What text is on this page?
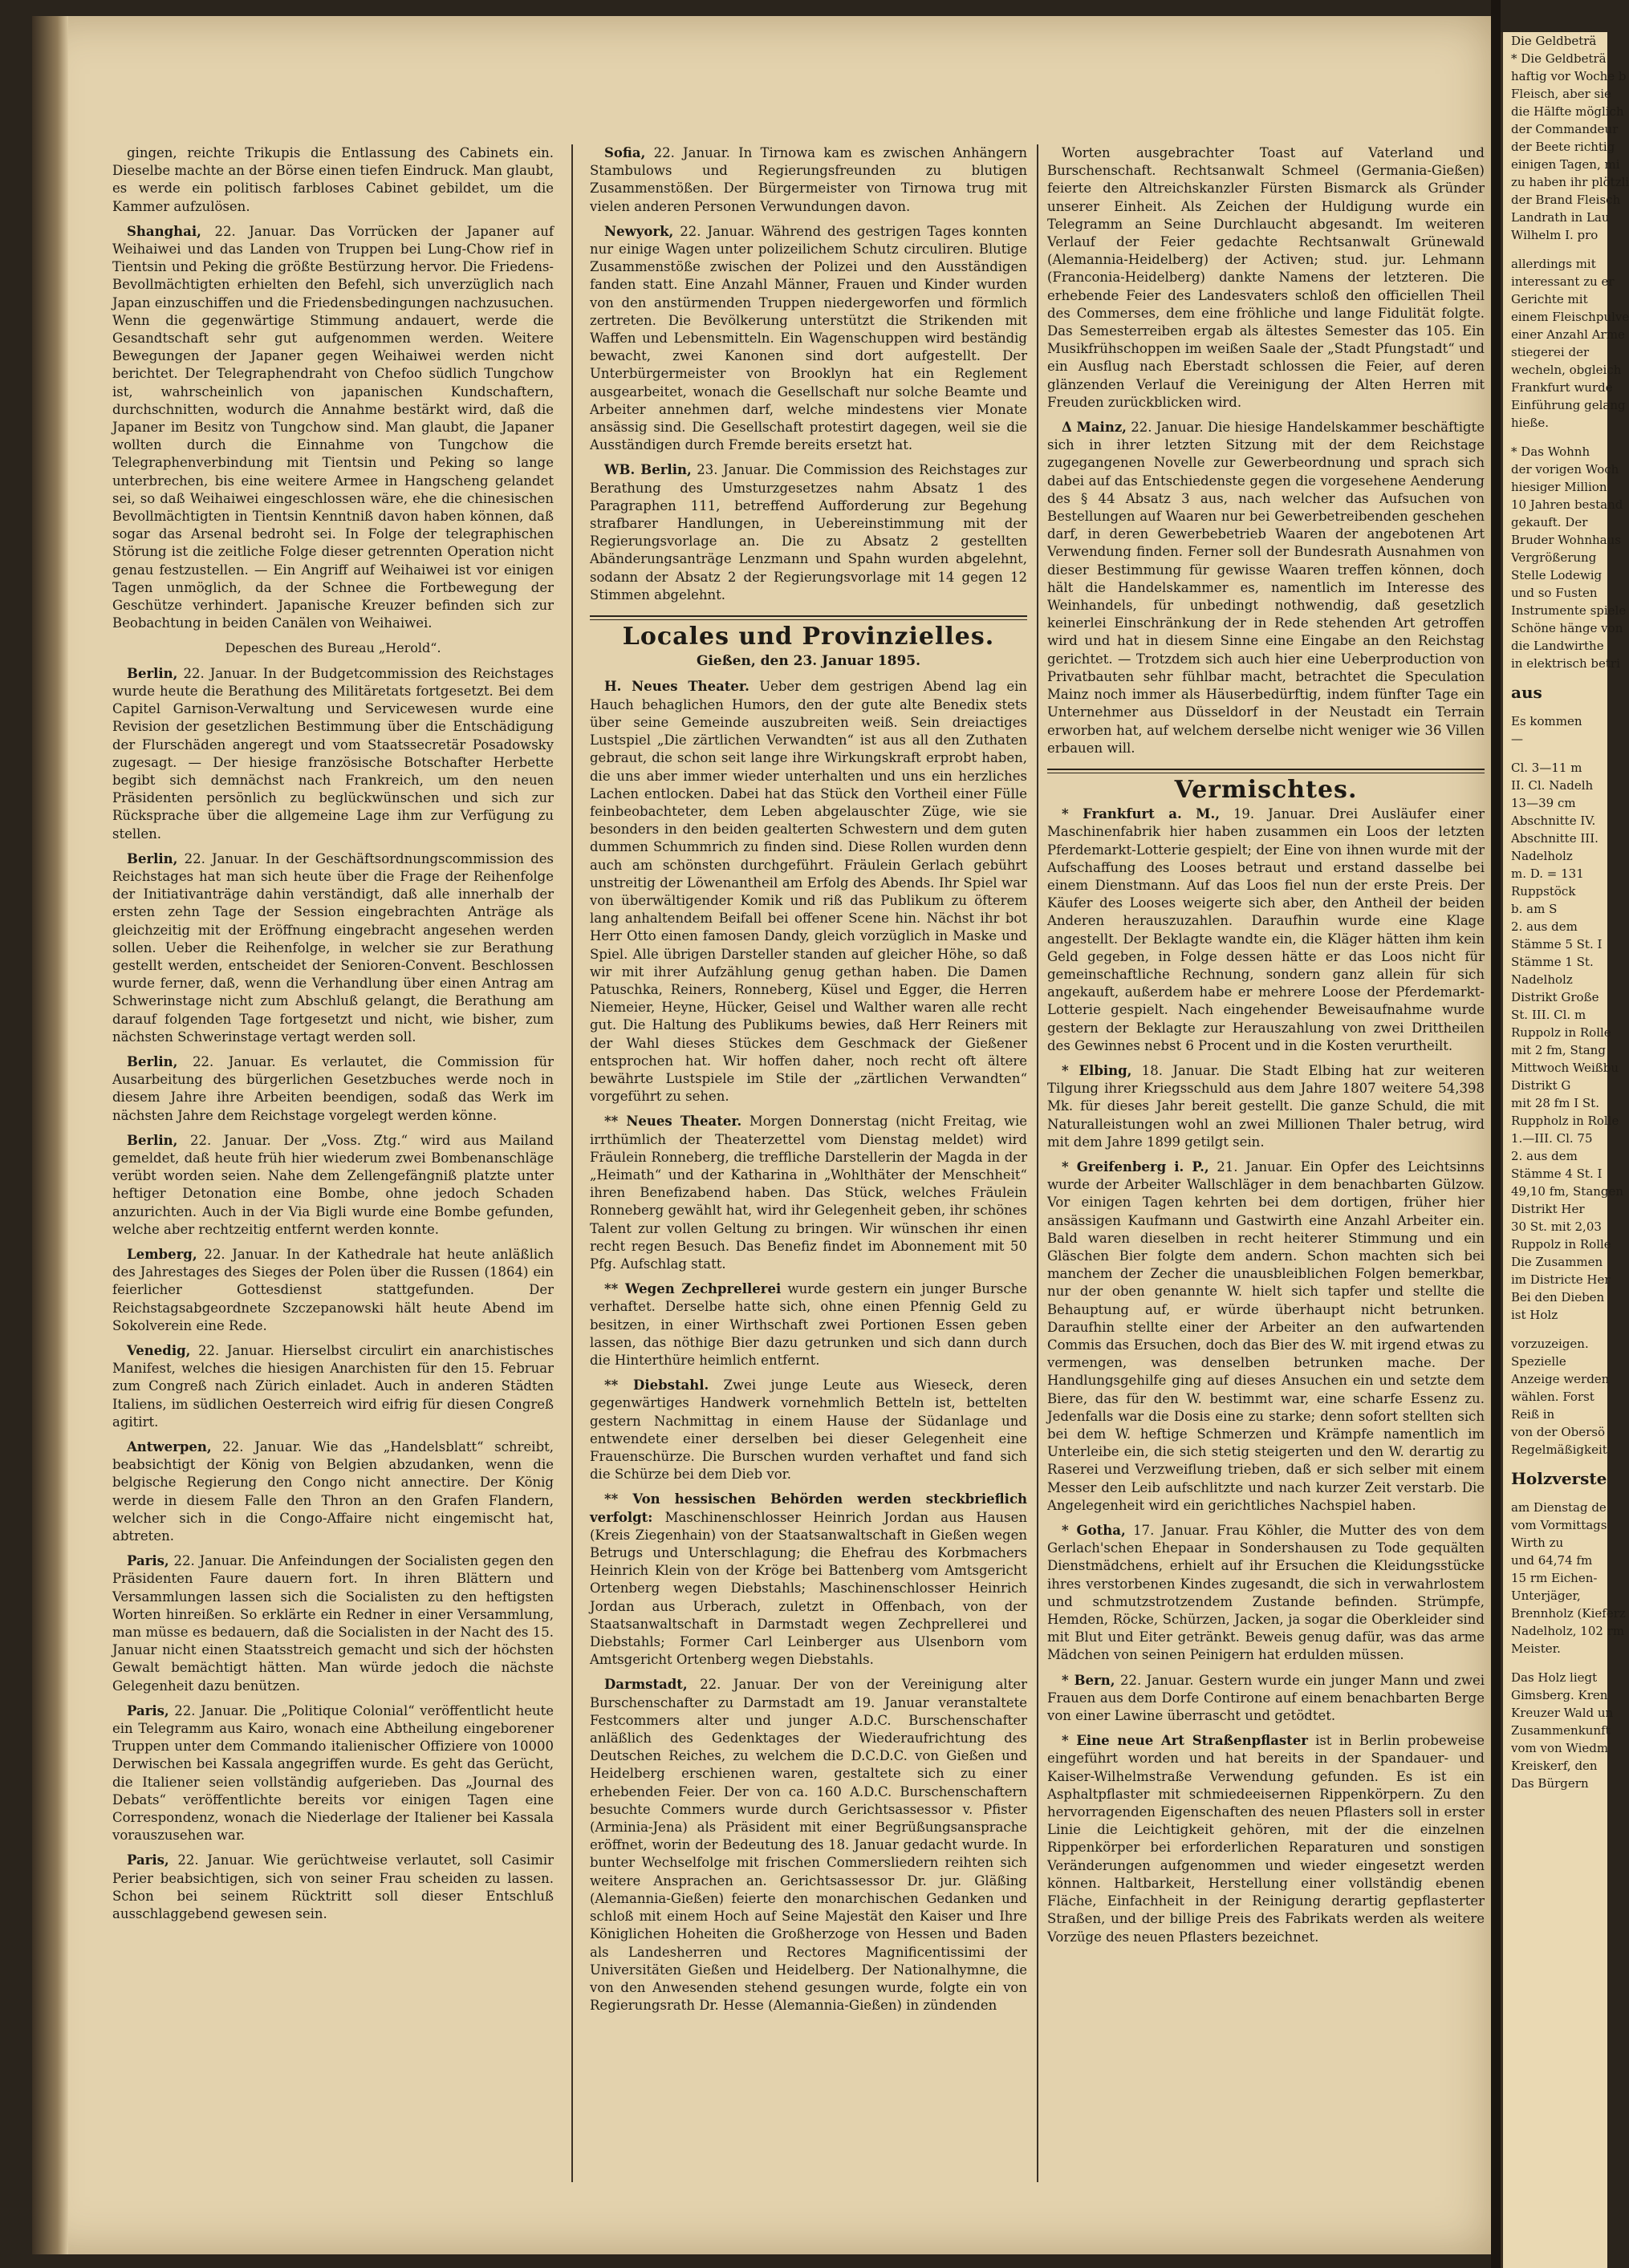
gingen, reichte Trikupis die Entlassung des Cabinets ein. Dieselbe machte an der Börse einen tiefen Eindruck. Man glaubt, es werde ein politisch farbloses Cabinet gebildet, um die Kammer aufzulösen.

Shanghai, 22. Januar. Das Vorrücken der Japaner auf Weihaiwei und das Landen von Truppen bei Lung-Chow rief in Tientsin und Peking die größte Bestürzung hervor. Die Friedens-Bevollmächtigten erhielten den Befehl, sich unverzüglich nach Japan einzuschiffen und die Friedensbedingungen nachzusuchen. Wenn die gegenwärtige Stimmung andauert, werde die Gesandtschaft sehr gut aufgenommen werden. Weitere Bewegungen der Japaner gegen Weihaiwei werden nicht berichtet. Der Telegraphendraht von Chefoo südlich Tungchow ist, wahrscheinlich von japanischen Kundschaftern, durchschnitten, wodurch die Annahme bestärkt wird, daß die Japaner im Besitz von Tungchow sind. Man glaubt, die Japaner wollten durch die Einnahme von Tungchow die Telegraphenverbindung mit Tientsin und Peking so lange unterbrechen, bis eine weitere Armee in Hangscheng gelandet sei, so daß Weihaiwei eingeschlossen wäre, ehe die chinesischen Bevollmächtigten in Tientsin Kenntniß davon haben können, daß sogar das Arsenal bedroht sei. In Folge der telegraphischen Störung ist die zeitliche Folge dieser getrennten Operation nicht genau festzustellen. — Ein Angriff auf Weihaiwei ist vor einigen Tagen unmöglich, da der Schnee die Fortbewegung der Geschütze verhindert. Japanische Kreuzer befinden sich zur Beobachtung in beiden Canälen von Weihaiwei.

Depeschen des Bureau „Herold“.

Berlin, 22. Januar. In der Budgetcommission des Reichstages wurde heute die Berathung des Militäretats fortgesetzt. Bei dem Capitel Garnison-Verwaltung und Servicewesen wurde eine Revision der gesetzlichen Bestimmung über die Entschädigung der Flurschäden angeregt und vom Staatssecretär Posadowsky zugesagt. — Der hiesige französische Botschafter Herbette begibt sich demnächst nach Frankreich, um den neuen Präsidenten persönlich zu beglückwünschen und sich zur Rücksprache über die allgemeine Lage ihm zur Verfügung zu stellen.

Berlin, 22. Januar. In der Geschäftsordnungscommission des Reichstages hat man sich heute über die Frage der Reihenfolge der Initiativanträge dahin verständigt, daß alle innerhalb der ersten zehn Tage der Session eingebrachten Anträge als gleichzeitig mit der Eröffnung eingebracht angesehen werden sollen. Ueber die Reihenfolge, in welcher sie zur Berathung gestellt werden, entscheidet der Senioren-Convent. Beschlossen wurde ferner, daß, wenn die Verhandlung über einen Antrag am Schwerinstage nicht zum Abschluß gelangt, die Berathung am darauf folgenden Tage fortgesetzt und nicht, wie bisher, zum nächsten Schwerinstage vertagt werden soll.

Berlin, 22. Januar. Es verlautet, die Commission für Ausarbeitung des bürgerlichen Gesetzbuches werde noch in diesem Jahre ihre Arbeiten beendigen, sodaß das Werk im nächsten Jahre dem Reichstage vorgelegt werden könne.

Berlin, 22. Januar. Der „Voss. Ztg.“ wird aus Mailand gemeldet, daß heute früh hier wiederum zwei Bombenanschläge verübt worden seien. Nahe dem Zellengefängniß platzte unter heftiger Detonation eine Bombe, ohne jedoch Schaden anzurichten. Auch in der Via Bigli wurde eine Bombe gefunden, welche aber rechtzeitig entfernt werden konnte.

Lemberg, 22. Januar. In der Kathedrale hat heute anläßlich des Jahrestages des Sieges der Polen über die Russen (1864) ein feierlicher Gottesdienst stattgefunden. Der Reichstagsabgeordnete Szczepanowski hält heute Abend im Sokolverein eine Rede.

Venedig, 22. Januar. Hierselbst circulirt ein anarchistisches Manifest, welches die hiesigen Anarchisten für den 15. Februar zum Congreß nach Zürich einladet. Auch in anderen Städten Italiens, im südlichen Oesterreich wird eifrig für diesen Congreß agitirt.

Antwerpen, 22. Januar. Wie das „Handelsblatt“ schreibt, beabsichtigt der König von Belgien abzudanken, wenn die belgische Regierung den Congo nicht annectire. Der König werde in diesem Falle den Thron an den Grafen Flandern, welcher sich in die Congo-Affaire nicht eingemischt hat, abtreten.

Paris, 22. Januar. Die Anfeindungen der Socialisten gegen den Präsidenten Faure dauern fort. In ihren Blättern und Versammlungen lassen sich die Socialisten zu den heftigsten Worten hinreißen. So erklärte ein Redner in einer Versammlung, man müsse es bedauern, daß die Socialisten in der Nacht des 15. Januar nicht einen Staatsstreich gemacht und sich der höchsten Gewalt bemächtigt hätten. Man würde jedoch die nächste Gelegenheit dazu benützen.

Paris, 22. Januar. Die „Politique Colonial“ veröffentlicht heute ein Telegramm aus Kairo, wonach eine Abtheilung eingeborener Truppen unter dem Commando italienischer Offiziere von 10000 Derwischen bei Kassala angegriffen wurde. Es geht das Gerücht, die Italiener seien vollständig aufgerieben. Das „Journal des Debats“ veröffentlichte bereits vor einigen Tagen eine Correspondenz, wonach die Niederlage der Italiener bei Kassala vorauszusehen war.

Paris, 22. Januar. Wie gerüchtweise verlautet, soll Casimir Perier beabsichtigen, sich von seiner Frau scheiden zu lassen. Schon bei seinem Rücktritt soll dieser Entschluß ausschlaggebend gewesen sein.

Sofia, 22. Januar. In Tirnowa kam es zwischen Anhängern Stambulows und Regierungsfreunden zu blutigen Zusammenstößen. Der Bürgermeister von Tirnowa trug mit vielen anderen Personen Verwundungen davon.

Newyork, 22. Januar. Während des gestrigen Tages konnten nur einige Wagen unter polizeilichem Schutz circuliren. Blutige Zusammenstöße zwischen der Polizei und den Ausständigen fanden statt. Eine Anzahl Männer, Frauen und Kinder wurden von den anstürmenden Truppen niedergeworfen und förmlich zertreten. Die Bevölkerung unterstützt die Strikenden mit Waffen und Lebensmitteln. Ein Wagenschuppen wird beständig bewacht, zwei Kanonen sind dort aufgestellt. Der Unterbürgermeister von Brooklyn hat ein Reglement ausgearbeitet, wonach die Gesellschaft nur solche Beamte und Arbeiter annehmen darf, welche mindestens vier Monate ansässig sind. Die Gesellschaft protestirt dagegen, weil sie die Ausständigen durch Fremde bereits ersetzt hat.

WB. Berlin, 23. Januar. Die Commission des Reichstages zur Berathung des Umsturzgesetzes nahm Absatz 1 des Paragraphen 111, betreffend Aufforderung zur Begehung strafbarer Handlungen, in Uebereinstimmung mit der Regierungsvorlage an. Die zu Absatz 2 gestellten Abänderungsanträge Lenzmann und Spahn wurden abgelehnt, sodann der Absatz 2 der Regierungsvorlage mit 14 gegen 12 Stimmen abgelehnt.

Locales und Provinzielles.
Gießen, den 23. Januar 1895.

H. Neues Theater. Ueber dem gestrigen Abend lag ein Hauch behaglichen Humors, den der gute alte Benedix stets über seine Gemeinde auszubreiten weiß. Sein dreiactiges Lustspiel „Die zärtlichen Verwandten“ ist aus all den Zuthaten gebraut, die schon seit lange ihre Wirkungskraft erprobt haben, die uns aber immer wieder unterhalten und uns ein herzliches Lachen entlocken. Dabei hat das Stück den Vortheil einer Fülle feinbeobachteter, dem Leben abgelauschter Züge, wie sie besonders in den beiden gealterten Schwestern und dem guten dummen Schummrich zu finden sind. Diese Rollen wurden denn auch am schönsten durchgeführt. Fräulein Gerlach gebührt unstreitig der Löwenantheil am Erfolg des Abends. Ihr Spiel war von überwältigender Komik und riß das Publikum zu öfterem lang anhaltendem Beifall bei offener Scene hin. Nächst ihr bot Herr Otto einen famosen Dandy, gleich vorzüglich in Maske und Spiel. Alle übrigen Darsteller standen auf gleicher Höhe, so daß wir mit ihrer Aufzählung genug gethan haben. Die Damen Patuschka, Reiners, Ronneberg, Küsel und Egger, die Herren Niemeier, Heyne, Hücker, Geisel und Walther waren alle recht gut. Die Haltung des Publikums bewies, daß Herr Reiners mit der Wahl dieses Stückes dem Geschmack der Gießener entsprochen hat. Wir hoffen daher, noch recht oft ältere bewährte Lustspiele im Stile der „zärtlichen Verwandten“ vorgeführt zu sehen.

** Neues Theater. Morgen Donnerstag (nicht Freitag, wie irrthümlich der Theaterzettel vom Dienstag meldet) wird Fräulein Ronneberg, die treffliche Darstellerin der Magda in der „Heimath“ und der Katharina in „Wohlthäter der Menschheit“ ihren Benefizabend haben. Das Stück, welches Fräulein Ronneberg gewählt hat, wird ihr Gelegenheit geben, ihr schönes Talent zur vollen Geltung zu bringen. Wir wünschen ihr einen recht regen Besuch. Das Benefiz findet im Abonnement mit 50 Pfg. Aufschlag statt.

** Wegen Zechprellerei wurde gestern ein junger Bursche verhaftet. Derselbe hatte sich, ohne einen Pfennig Geld zu besitzen, in einer Wirthschaft zwei Portionen Essen geben lassen, das nöthige Bier dazu getrunken und sich dann durch die Hinterthüre heimlich entfernt.

** Diebstahl. Zwei junge Leute aus Wieseck, deren gegenwärtiges Handwerk vornehmlich Betteln ist, bettelten gestern Nachmittag in einem Hause der Südanlage und entwendete einer derselben bei dieser Gelegenheit eine Frauenschürze. Die Burschen wurden verhaftet und fand sich die Schürze bei dem Dieb vor.

** Von hessischen Behörden werden steckbrieflich verfolgt: Maschinenschlosser Heinrich Jordan aus Hausen (Kreis Ziegenhain) von der Staatsanwaltschaft in Gießen wegen Betrugs und Unterschlagung; die Ehefrau des Korbmachers Heinrich Klein von der Kröge bei Battenberg vom Amtsgericht Ortenberg wegen Diebstahls; Maschinenschlosser Heinrich Jordan aus Urberach, zuletzt in Offenbach, von der Staatsanwaltschaft in Darmstadt wegen Zechprellerei und Diebstahls; Former Carl Leinberger aus Ulsenborn vom Amtsgericht Ortenberg wegen Diebstahls.

Darmstadt, 22. Januar. Der von der Vereinigung alter Burschenschafter zu Darmstadt am 19. Januar veranstaltete Festcommers alter und junger A.D.C. Burschenschafter anläßlich des Gedenktages der Wiederaufrichtung des Deutschen Reiches, zu welchem die D.C.D.C. von Gießen und Heidelberg erschienen waren, gestaltete sich zu einer erhebenden Feier. Der von ca. 160 A.D.C. Burschenschaftern besuchte Commers wurde durch Gerichtsassessor v. Pfister (Arminia-Jena) als Präsident mit einer Begrüßungsansprache eröffnet, worin der Bedeutung des 18. Januar gedacht wurde. In bunter Wechselfolge mit frischen Commersliedern reihten sich weitere Ansprachen an. Gerichtsassessor Dr. jur. Gläßing (Alemannia-Gießen) feierte den monarchischen Gedanken und schloß mit einem Hoch auf Seine Majestät den Kaiser und Ihre Königlichen Hoheiten die Großherzoge von Hessen und Baden als Landesherren und Rectores Magnificentissimi der Universitäten Gießen und Heidelberg. Der Nationalhymne, die von den Anwesenden stehend gesungen wurde, folgte ein von Regierungsrath Dr. Hesse (Alemannia-Gießen) in zündenden

Worten ausgebrachter Toast auf Vaterland und Burschenschaft. Rechtsanwalt Schmeel (Germania-Gießen) feierte den Altreichskanzler Fürsten Bismarck als Gründer unserer Einheit. Als Zeichen der Huldigung wurde ein Telegramm an Seine Durchlaucht abgesandt. Im weiteren Verlauf der Feier gedachte Rechtsanwalt Grünewald (Alemannia-Heidelberg) der Activen; stud. jur. Lehmann (Franconia-Heidelberg) dankte Namens der letzteren. Die erhebende Feier des Landesvaters schloß den officiellen Theil des Commerses, dem eine fröhliche und lange Fidulität folgte. Das Semesterreiben ergab als ältestes Semester das 105. Ein Musikfrühschoppen im weißen Saale der „Stadt Pfungstadt“ und ein Ausflug nach Eberstadt schlossen die Feier, auf deren glänzenden Verlauf die Vereinigung der Alten Herren mit Freuden zurückblicken wird.

Δ Mainz, 22. Januar. Die hiesige Handelskammer beschäftigte sich in ihrer letzten Sitzung mit der dem Reichstage zugegangenen Novelle zur Gewerbeordnung und sprach sich dabei auf das Entschiedenste gegen die vorgesehene Aenderung des § 44 Absatz 3 aus, nach welcher das Aufsuchen von Bestellungen auf Waaren nur bei Gewerbetreibenden geschehen darf, in deren Gewerbebetrieb Waaren der angebotenen Art Verwendung finden. Ferner soll der Bundesrath Ausnahmen von dieser Bestimmung für gewisse Waaren treffen können, doch hält die Handelskammer es, namentlich im Interesse des Weinhandels, für unbedingt nothwendig, daß gesetzlich keinerlei Einschränkung der in Rede stehenden Art getroffen wird und hat in diesem Sinne eine Eingabe an den Reichstag gerichtet. — Trotzdem sich auch hier eine Ueberproduction von Privatbauten sehr fühlbar macht, betrachtet die Speculation Mainz noch immer als Häuserbedürftig, indem fünfter Tage ein Unternehmer aus Düsseldorf in der Neustadt ein Terrain erworben hat, auf welchem derselbe nicht weniger wie 36 Villen erbauen will.

Vermischtes.

* Frankfurt a. M., 19. Januar. Drei Ausläufer einer Maschinenfabrik hier haben zusammen ein Loos der letzten Pferdemarkt-Lotterie gespielt; der Eine von ihnen wurde mit der Aufschaffung des Looses betraut und erstand dasselbe bei einem Dienstmann. Auf das Loos fiel nun der erste Preis. Der Käufer des Looses weigerte sich aber, den Antheil der beiden Anderen herauszuzahlen. Daraufhin wurde eine Klage angestellt. Der Beklagte wandte ein, die Kläger hätten ihm kein Geld gegeben, in Folge dessen hätte er das Loos nicht für gemeinschaftliche Rechnung, sondern ganz allein für sich angekauft, außerdem habe er mehrere Loose der Pferdemarkt-Lotterie gespielt. Nach eingehender Beweisaufnahme wurde gestern der Beklagte zur Herauszahlung von zwei Drittheilen des Gewinnes nebst 6 Procent und in die Kosten verurtheilt.

* Elbing, 18. Januar. Die Stadt Elbing hat zur weiteren Tilgung ihrer Kriegsschuld aus dem Jahre 1807 weitere 54,398 Mk. für dieses Jahr bereit gestellt. Die ganze Schuld, die mit Naturalleistungen wohl an zwei Millionen Thaler betrug, wird mit dem Jahre 1899 getilgt sein.

* Greifenberg i. P., 21. Januar. Ein Opfer des Leichtsinns wurde der Arbeiter Wallschläger in dem benachbarten Gülzow. Vor einigen Tagen kehrten bei dem dortigen, früher hier ansässigen Kaufmann und Gastwirth eine Anzahl Arbeiter ein. Bald waren dieselben in recht heiterer Stimmung und ein Gläschen Bier folgte dem andern. Schon machten sich bei manchem der Zecher die unausbleiblichen Folgen bemerkbar, nur der oben genannte W. hielt sich tapfer und stellte die Behauptung auf, er würde überhaupt nicht betrunken. Daraufhin stellte einer der Arbeiter an den aufwartenden Commis das Ersuchen, doch das Bier des W. mit irgend etwas zu vermengen, was denselben betrunken mache. Der Handlungsgehilfe ging auf dieses Ansuchen ein und setzte dem Biere, das für den W. bestimmt war, eine scharfe Essenz zu. Jedenfalls war die Dosis eine zu starke; denn sofort stellten sich bei dem W. heftige Schmerzen und Krämpfe namentlich im Unterleibe ein, die sich stetig steigerten und den W. derartig zu Raserei und Verzweiflung trieben, daß er sich selber mit einem Messer den Leib aufschlitzte und nach kurzer Zeit verstarb. Die Angelegenheit wird ein gerichtliches Nachspiel haben.

* Gotha, 17. Januar. Frau Köhler, die Mutter des von dem Gerlach'schen Ehepaar in Sondershausen zu Tode gequälten Dienstmädchens, erhielt auf ihr Ersuchen die Kleidungsstücke ihres verstorbenen Kindes zugesandt, die sich in verwahrlostem und schmutzstrotzendem Zustande befinden. Strümpfe, Hemden, Röcke, Schürzen, Jacken, ja sogar die Oberkleider sind mit Blut und Eiter getränkt. Beweis genug dafür, was das arme Mädchen von seinen Peinigern hat erdulden müssen.

* Bern, 22. Januar. Gestern wurde ein junger Mann und zwei Frauen aus dem Dorfe Contirone auf einem benachbarten Berge von einer Lawine überrascht und getödtet.

* Eine neue Art Straßenpflaster ist in Berlin probeweise eingeführt worden und hat bereits in der Spandauer- und Kaiser-Wilhelmstraße Verwendung gefunden. Es ist ein Asphaltpflaster mit schmiedeeisernen Rippenkörpern. Zu den hervorragenden Eigenschaften des neuen Pflasters soll in erster Linie die Leichtigkeit gehören, mit der die einzelnen Rippenkörper bei erforderlichen Reparaturen und sonstigen Veränderungen aufgenommen und wieder eingesetzt werden können. Haltbarkeit, Herstellung einer vollständig ebenen Fläche, Einfachheit in der Reinigung derartig gepflasterter Straßen, und der billige Preis des Fabrikats werden als weitere Vorzüge des neuen Pflasters bezeichnet.

Die Geldbeträ
* Die Geldbeträ
haftig vor Woche b
Fleisch, aber sie
die Hälfte möglich
der Commandeur
der Beete richtig
einigen Tagen, mi
zu haben ihr plötzli
der Brand Fleisch
Landrath in Lau
Wilhelm I. pro
allerdings mit
interessant zu er
Gerichte mit
einem Fleischpulve
einer Anzahl Arme
stiegerei der
wecheln, obgleich
Frankfurt wurde
Einführung gelang
hieße.
* Das Wohnh
der vorigen Woch
hiesiger Million
10 Jahren bestand
gekauft. Der
Bruder Wohnhaus
Vergrößerung
Stelle Lodewig
und so Fusten
Instrumente spiele
Schöne hänge von
die Landwirthe
in elektrisch betri
aus
Es kommen
—
Cl. 3—11 m
II. Cl. Nadelh
13—39 cm
Abschnitte IV.
Abschnitte III.
Nadelholz
m. D. = 131
Ruppstöck
b. am S
2. aus dem
Stämme 5 St. I
Stämme 1 St.
Nadelholz
Distrikt Große
St. III. Cl. m
Ruppolz in Rolle
mit 2 fm, Stang
Mittwoch Weißbu
Distrikt G
mit 28 fm I St.
Ruppholz in Rolle
1.—III. Cl. 75
2. aus dem
Stämme 4 St. I
49,10 fm, Stangen
Distrikt Her
30 St. mit 2,03
Ruppolz in Rolle
Die Zusammen
im Districte Her
Bei den Dieben
ist Holz
vorzuzeigen.
Spezielle
Anzeige werden
wählen. Forst
Reiß in
von der Obersö
Regelmäßigkeit
Holzverste
am Dienstag de
vom Vormittags
Wirth zu
und 64,74 fm
15 rm Eichen-
Unterjäger,
Brennholz (Kieferz
Nadelholz, 102 rm
Meister.
Das Holz liegt
Gimsberg. Kren
Kreuzer Wald un
Zusammenkunft
vom von Wiedm
Kreiskerf, den
Das Bürgern
